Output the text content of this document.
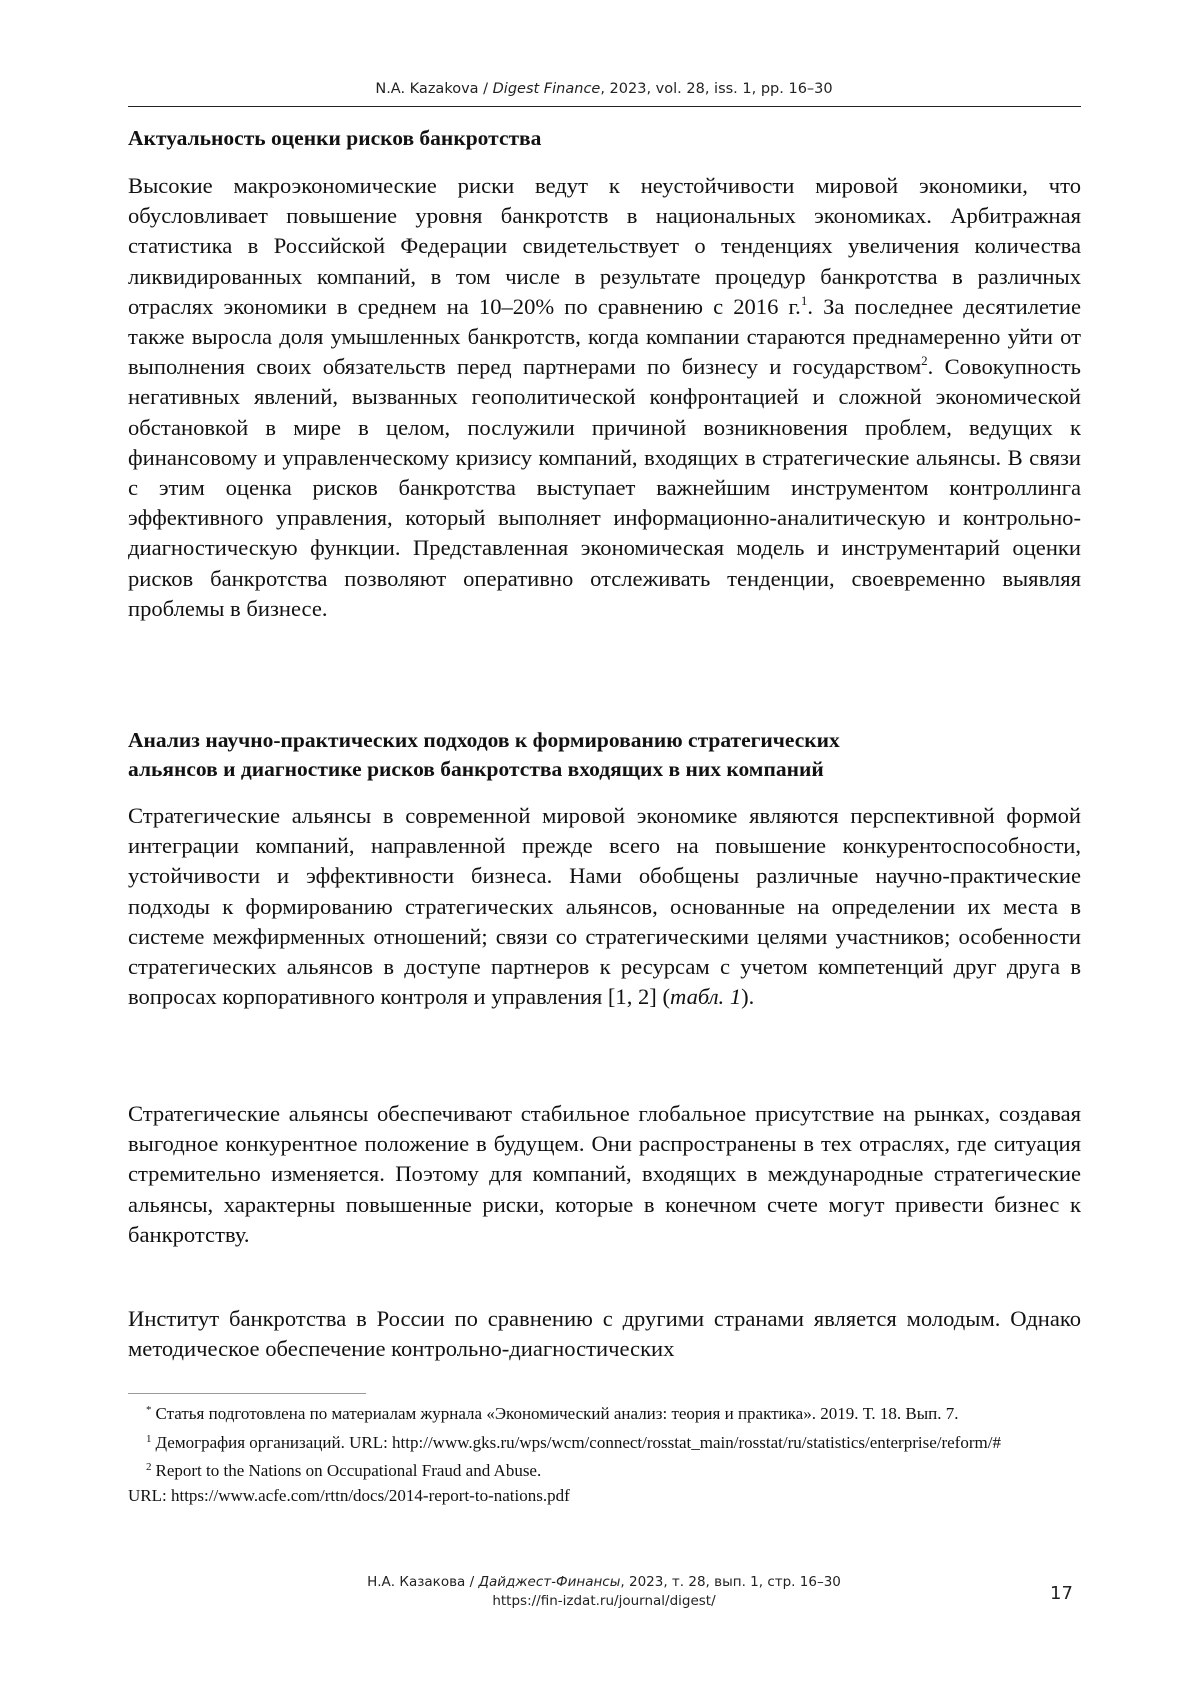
N.A. Kazakova / Digest Finance, 2023, vol. 28, iss. 1, pp. 16–30
Актуальность оценки рисков банкротства

Высокие макроэкономические риски ведут к неустойчивости мировой экономики, что обусловливает повышение уровня банкротств в национальных экономиках. Арбитражная статистика в Российской Федерации свидетельствует о тенденциях увеличения количества ликвидированных компаний, в том числе в результате процедур банкротства в различных отраслях экономики в среднем на 10–20% по сравнению с 2016 г.$^1$. За последнее десятилетие также выросла доля умышленных банкротств, когда компании стараются преднамеренно уйти от выполнения своих обязательств перед партнерами по бизнесу и государством$^2$. Совокупность негативных явлений, вызванных геополитической конфронтацией и сложной экономической обстановкой в мире в целом, послужили причиной возникновения проблем, ведущих к финансовому и управленческому кризису компаний, входящих в стратегические альянсы. В связи с этим оценка рисков банкротства выступает важнейшим инструментом контроллинга эффективного управления, который выполняет информационно-аналитическую и контрольно-диагностическую функции. Представленная экономическая модель и инструментарий оценки рисков банкротства позволяют оперативно отслеживать тенденции, своевременно выявляя проблемы в бизнесе.

Анализ научно-практических подходов к формированию стратегических
альянсов и диагностике рисков банкротства входящих в них компаний

Стратегические альянсы в современной мировой экономике являются перспективной формой интеграции компаний, направленной прежде всего на повышение конкурентоспособности, устойчивости и эффективности бизнеса. Нами обобщены различные научно-практические подходы к формированию стратегических альянсов, основанные на определении их места в системе межфирменных отношений; связи со стратегическими целями участников; особенности стратегических альянсов в доступе партнеров к ресурсам с учетом компетенций друг друга в вопросах корпоративного контроля и управления [1, 2] (табл. 1).

Стратегические альянсы обеспечивают стабильное глобальное присутствие на рынках, создавая выгодное конкурентное положение в будущем. Они распространены в тех отраслях, где ситуация стремительно изменяется. Поэтому для компаний, входящих в международные стратегические альянсы, характерны повышенные риски, которые в конечном счете могут привести бизнес к банкротству.

Институт банкротства в России по сравнению с другими странами является молодым. Однако методическое обеспечение контрольно-диагностических

* Статья подготовлена по материалам журнала «Экономический анализ: теория и практика». 2019. Т. 18. Вып. 7.

$^1$ Демография организаций. URL: http://www.gks.ru/wps/wcm/connect/rosstat_main/rosstat/ru/statistics/enterprise/reform/#

$^2$ Report to the Nations on Occupational Fraud and Abuse.
URL: https://www.acfe.com/rttn/docs/2014-report-to-nations.pdf

Н.А. Казакова / Дайджест-Финансы, 2023, т. 28, вып. 1, стр. 16–30
https://fin-izdat.ru/journal/digest/	17
